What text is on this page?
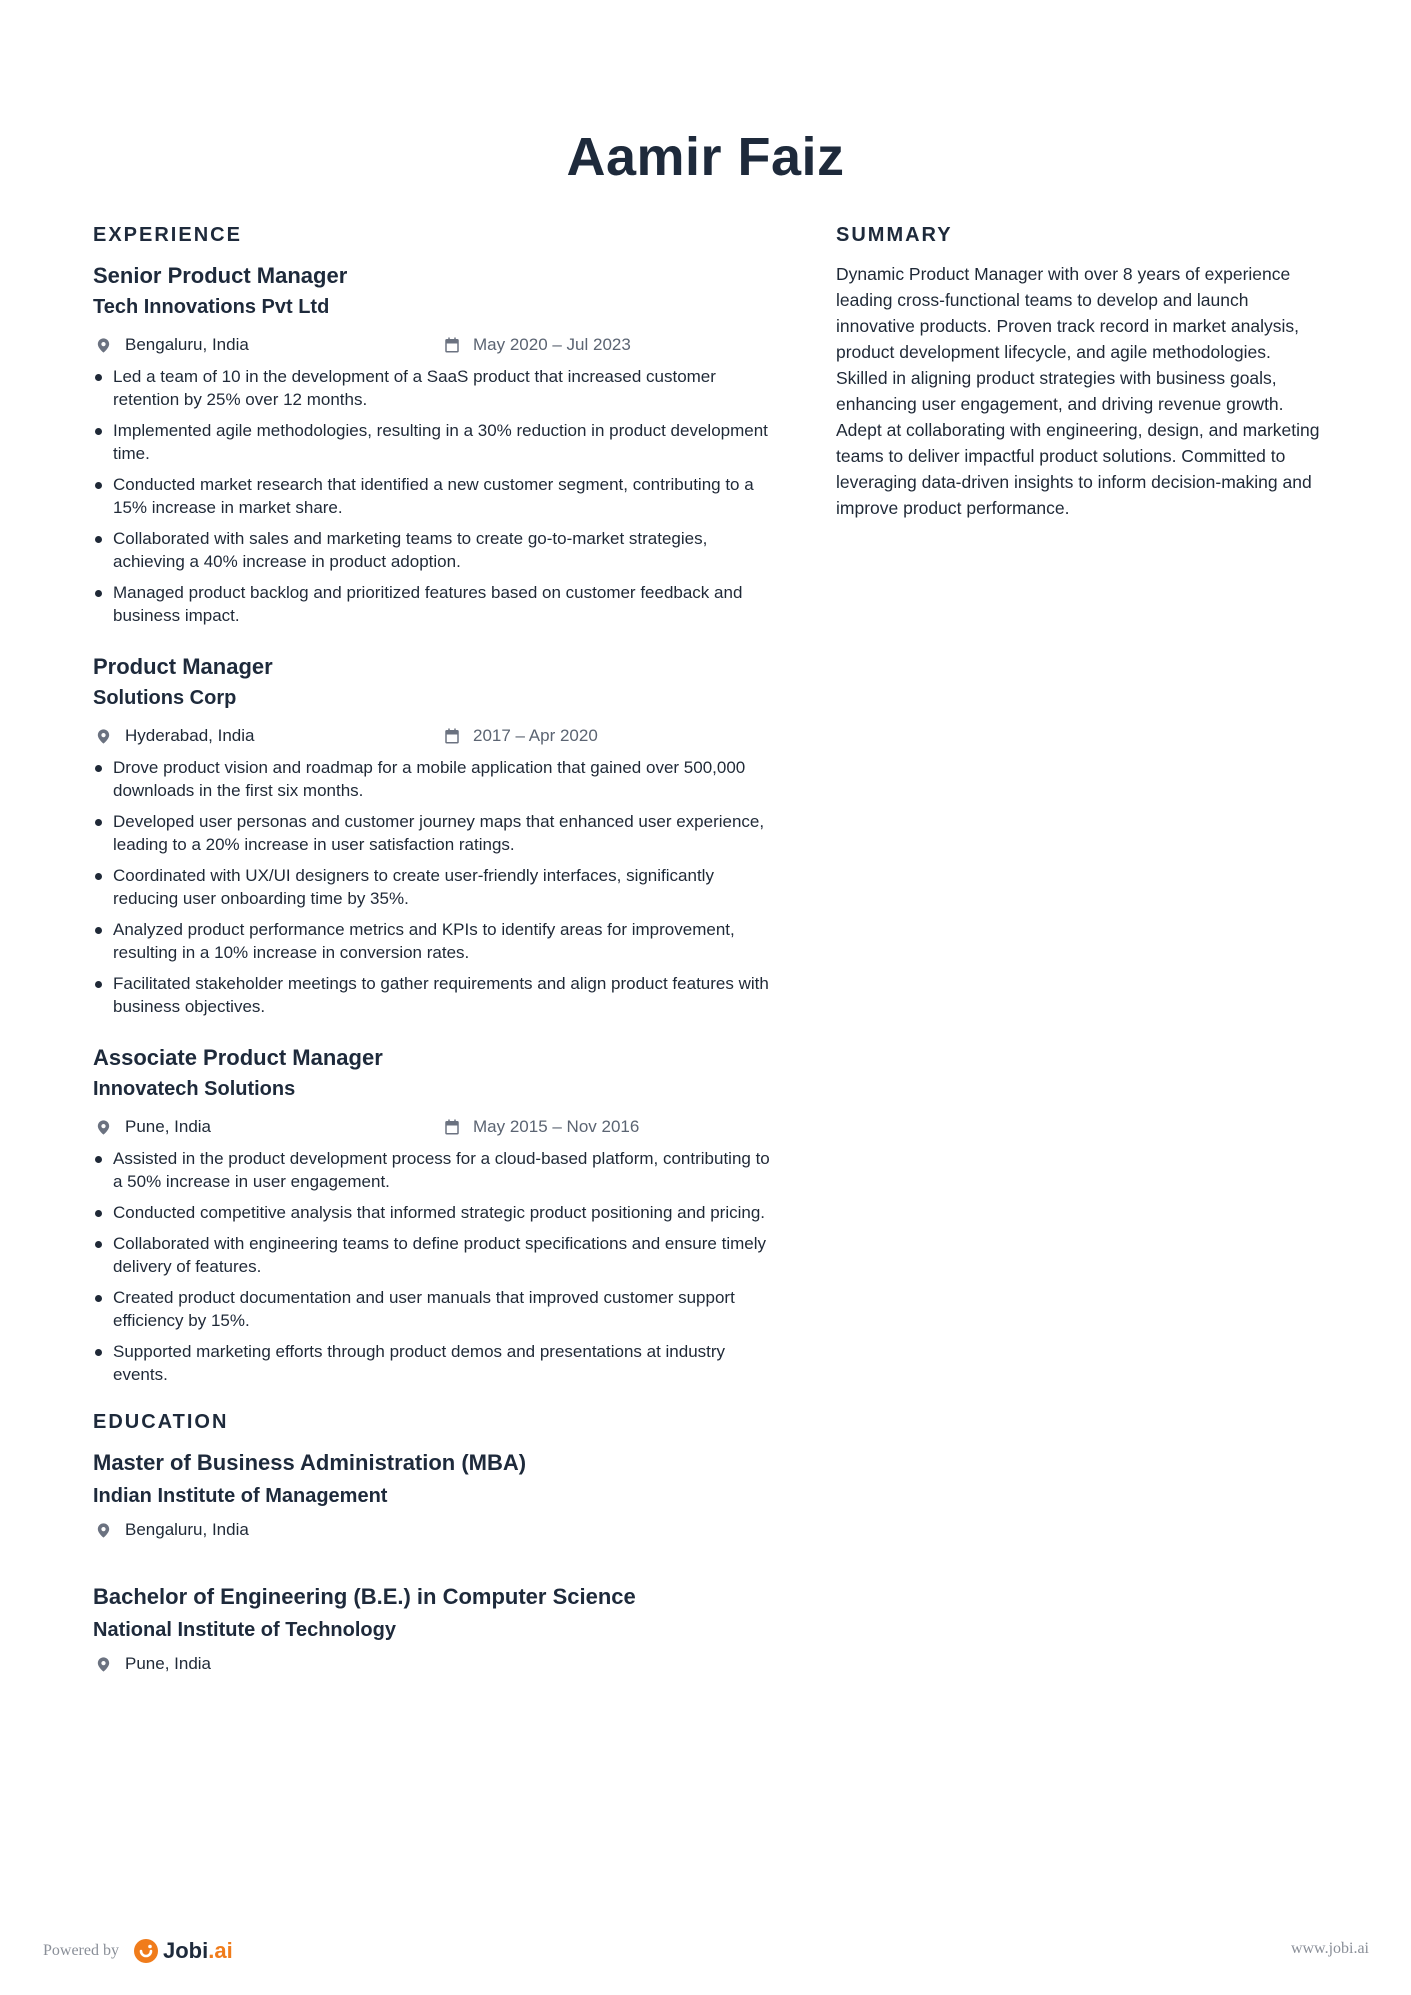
Aamir Faiz
EXPERIENCE
Senior Product Manager
Tech Innovations Pvt Ltd
Bengaluru, India	May 2020 – Jul 2023
Led a team of 10 in the development of a SaaS product that increased customer retention by 25% over 12 months.
Implemented agile methodologies, resulting in a 30% reduction in product development time.
Conducted market research that identified a new customer segment, contributing to a 15% increase in market share.
Collaborated with sales and marketing teams to create go-to-market strategies, achieving a 40% increase in product adoption.
Managed product backlog and prioritized features based on customer feedback and business impact.
Product Manager
Solutions Corp
Hyderabad, India	2017 – Apr 2020
Drove product vision and roadmap for a mobile application that gained over 500,000 downloads in the first six months.
Developed user personas and customer journey maps that enhanced user experience, leading to a 20% increase in user satisfaction ratings.
Coordinated with UX/UI designers to create user-friendly interfaces, significantly reducing user onboarding time by 35%.
Analyzed product performance metrics and KPIs to identify areas for improvement, resulting in a 10% increase in conversion rates.
Facilitated stakeholder meetings to gather requirements and align product features with business objectives.
Associate Product Manager
Innovatech Solutions
Pune, India	May 2015 – Nov 2016
Assisted in the product development process for a cloud-based platform, contributing to a 50% increase in user engagement.
Conducted competitive analysis that informed strategic product positioning and pricing.
Collaborated with engineering teams to define product specifications and ensure timely delivery of features.
Created product documentation and user manuals that improved customer support efficiency by 15%.
Supported marketing efforts through product demos and presentations at industry events.
EDUCATION
Master of Business Administration (MBA)
Indian Institute of Management
Bengaluru, India
Bachelor of Engineering (B.E.) in Computer Science
National Institute of Technology
Pune, India
SUMMARY

Dynamic Product Manager with over 8 years of experience leading cross-functional teams to develop and launch innovative products. Proven track record in market analysis, product development lifecycle, and agile methodologies. Skilled in aligning product strategies with business goals, enhancing user engagement, and driving revenue growth. Adept at collaborating with engineering, design, and marketing teams to deliver impactful product solutions. Committed to leveraging data-driven insights to inform decision-making and improve product performance.

Powered by Jobi .ai	www.jobi.ai
